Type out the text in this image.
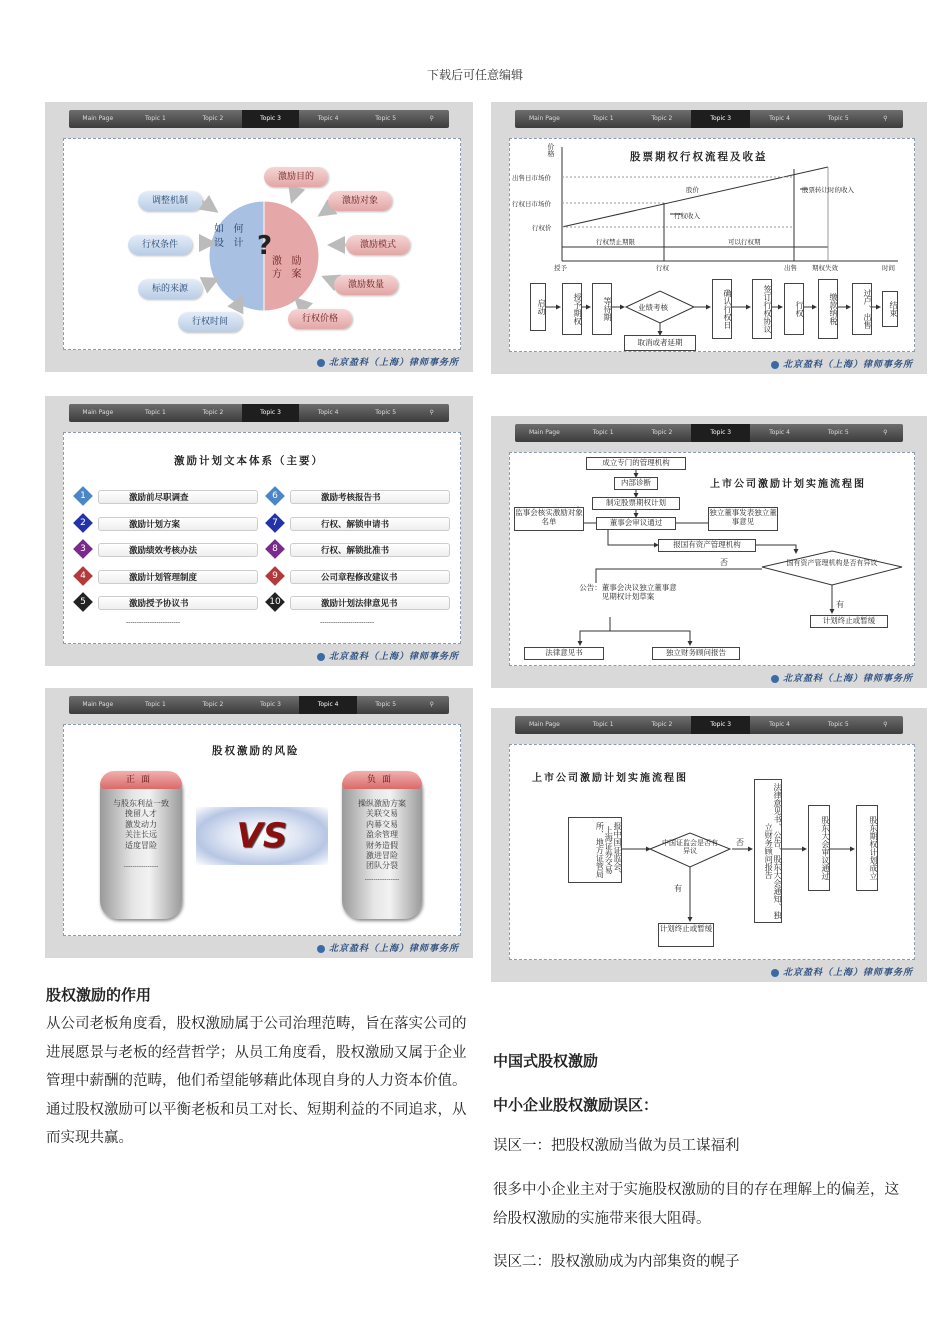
下载后可任意编辑
Main Page	Topic 1	Topic 2	Topic 3	Topic 4	Topic 5	⚲
如 何
设 计 ?
激 励
方 案
调整机制
行权条件
标的来源
行权时间
激励目的
激励对象
激励模式
激励数量
行权价格
北京盈科（上海）律师事务所
Main Page	Topic 1	Topic 2	Topic 3	Topic 4	Topic 5	⚲
股票期权行权流程及收益
价格
出售日市场价
行权日市场价
行权价
股价
行权收入
股票转让时的收入
行权禁止期限	可以行权期
授予	行权	出售 期权失效	时间
启动	授予期权	等待期	业绩考核	确认行权日	签订行权协议	行权	缴款纳税	过户、出售	结束
取消或者延期
北京盈科（上海）律师事务所
Main Page	Topic 1	Topic 2	Topic 3	Topic 4	Topic 5	⚲
激励计划文本体系（主要）
激励前尽职调查
1
激励计划方案
2
激励绩效考核办法
3
激励计划管理制度
4
激励授予协议书
5
激励考核报告书
6
行权、解锁申请书
7
行权、解锁批准书
8
公司章程修改建议书
9
激励计划法律意见书
10
-------------------------	-------------------------
北京盈科（上海）律师事务所
Main Page	Topic 1	Topic 2	Topic 3	Topic 4	Topic 5	⚲
上市公司激励计划实施流程图
成立专门的管理机构
内部诊断
制定股票期权计划
董事会审议通过
监事会核实激励对象名单
独立董事发表独立董事意见
报国有资产管理机构
国有资产管理机构是否有异议
公告：董事会决议独立董事意见期权计划草案
计划终止或暂缓
法律意见书	独立财务顾问报告
否
有
北京盈科（上海）律师事务所
Main Page	Topic 1	Topic 2	Topic 3	Topic 4	Topic 5	⚲
股权激励的风险
正面
与股东利益一致
挽留人才
激发动力
关注长远
适度冒险
----------------
VS
负面
操纵激励方案
关联交易
内幕交易
盈余管理
财务造假
激进冒险
团队分裂
----------------
北京盈科（上海）律师事务所
Main Page	Topic 1	Topic 2	Topic 3	Topic 4	Topic 5	⚲
上市公司激励计划实施流程图
报中国证监会、上海证券交易所、地方证管局	中国证监会是否有异议	法律意见书、公告、股东大会通知、独立财务顾问报告	股东大会审议通过	股东期权计划成立
计划终止或暂缓
否
有
北京盈科（上海）律师事务所
股权激励的作用
从公司老板角度看，股权激励属于公司治理范畴，旨在落实公司的进展愿景与老板的经营哲学；从员工角度看，股权激励又属于企业管理中薪酬的范畴，他们希望能够藉此体现自身的人力资本价值。通过股权激励可以平衡老板和员工对长、短期利益的不同追求，从而实现共赢。
中国式股权激励
中小企业股权激励误区：
误区一：把股权激励当做为员工谋福利
很多中小企业主对于实施股权激励的目的存在理解上的偏差，这给股权激励的实施带来很大阻碍。
误区二：股权激励成为内部集资的幌子
